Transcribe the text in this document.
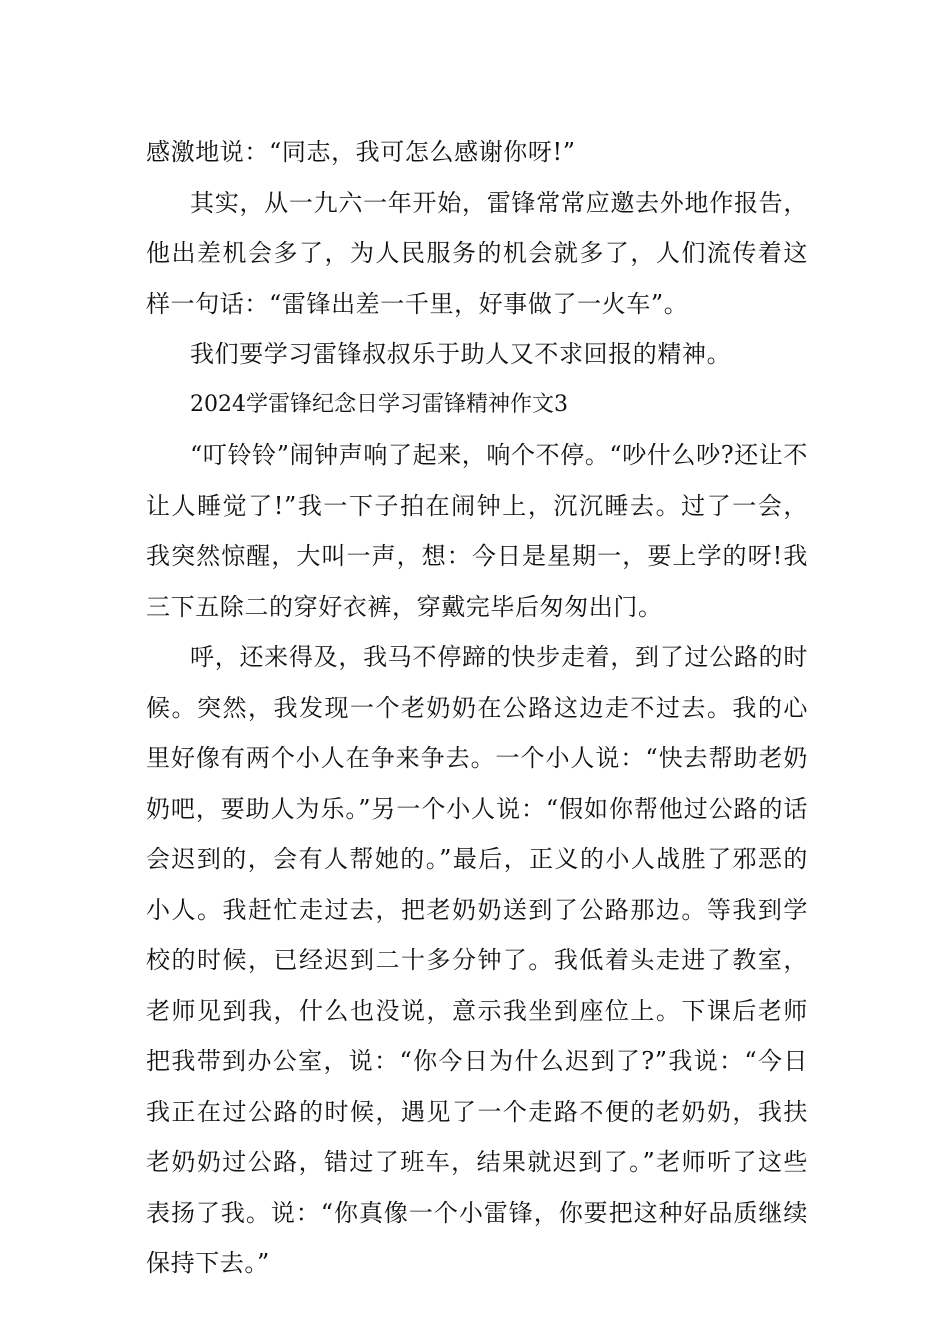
感激地说：“同志，我可怎么感谢你呀!”

其实，从一九六一年开始，雷锋常常应邀去外地作报告，他出差机会多了，为人民服务的机会就多了，人们流传着这样一句话：“雷锋出差一千里，好事做了一火车”。

我们要学习雷锋叔叔乐于助人又不求回报的精神。

2024学雷锋纪念日学习雷锋精神作文3

“叮铃铃”闹钟声响了起来，响个不停。“吵什么吵?还让不让人睡觉了!”我一下子拍在闹钟上，沉沉睡去。过了一会，我突然惊醒，大叫一声，想：今日是星期一，要上学的呀!我三下五除二的穿好衣裤，穿戴完毕后匆匆出门。

呼，还来得及，我马不停蹄的快步走着，到了过公路的时候。突然，我发现一个老奶奶在公路这边走不过去。我的心里好像有两个小人在争来争去。一个小人说：“快去帮助老奶奶吧，要助人为乐。”另一个小人说：“假如你帮他过公路的话会迟到的，会有人帮她的。”最后，正义的小人战胜了邪恶的小人。我赶忙走过去，把老奶奶送到了公路那边。等我到学校的时候，已经迟到二十多分钟了。我低着头走进了教室，老师见到我，什么也没说，意示我坐到座位上。下课后老师把我带到办公室，说：“你今日为什么迟到了?”我说：“今日我正在过公路的时候，遇见了一个走路不便的老奶奶，我扶老奶奶过公路，错过了班车，结果就迟到了。”老师听了这些表扬了我。说：“你真像一个小雷锋，你要把这种好品质继续保持下去。”
